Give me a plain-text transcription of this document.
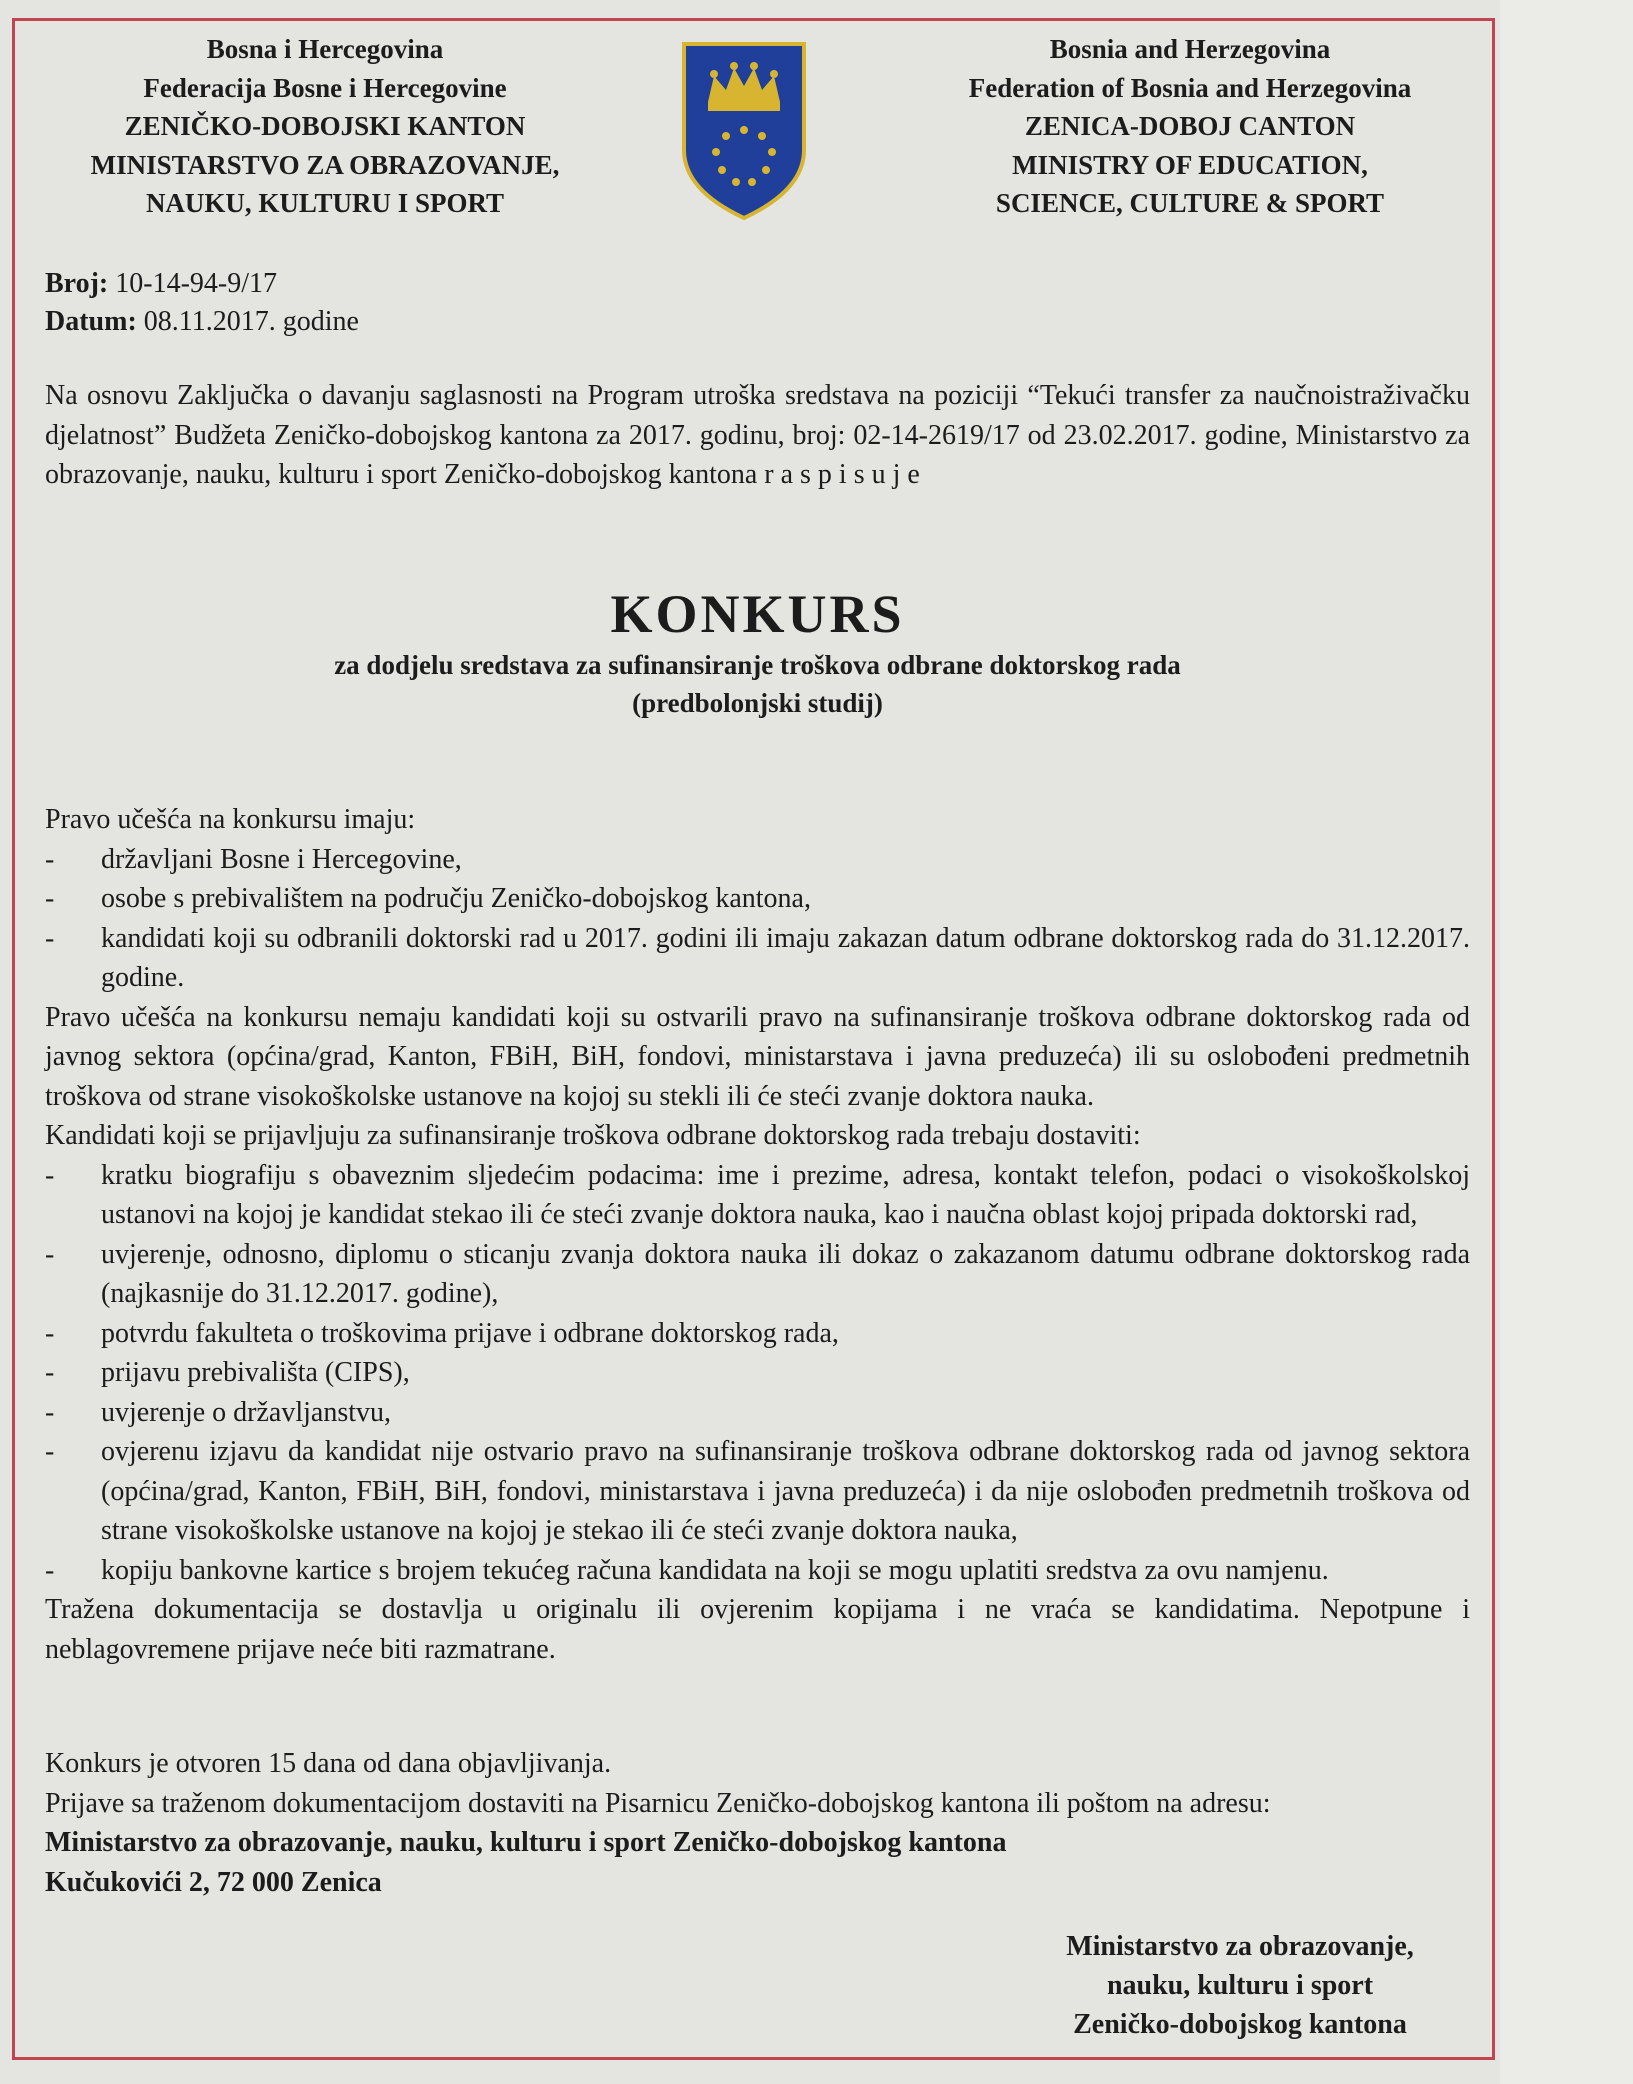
Bosna i Hercegovina
Federacija Bosne i Hercegovine
ZENIČKO-DOBOJSKI KANTON
MINISTARSTVO ZA OBRAZOVANJE,
NAUKU, KULTURU I SPORT
Bosnia and Herzegovina
Federation of Bosnia and Herzegovina
ZENICA-DOBOJ CANTON
MINISTRY OF EDUCATION,
SCIENCE, CULTURE & SPORT
Broj: 10-14-94-9/17
Datum: 08.11.2017. godine
Na osnovu Zaključka o davanju saglasnosti na Program utroška sredstava na poziciji “Tekući transfer za naučnoistraživačku djelatnost” Budžeta Zeničko-dobojskog kantona za 2017. godinu, broj: 02-14-2619/17 od 23.02.2017. godine, Ministarstvo za obrazovanje, nauku, kulturu i sport Zeničko-dobojskog kantona r a s p i s u j e
KONKURS
za dodjelu sredstava za sufinansiranje troškova odbrane doktorskog rada
(predbolonjski studij)

Pravo učešća na konkursu imaju:

- državljani Bosne i Hercegovine,
- osobe s prebivalištem na području Zeničko-dobojskog kantona,
- kandidati koji su odbranili doktorski rad u 2017. godini ili imaju zakazan datum odbrane doktorskog rada do 31.12.2017. godine.

Pravo učešća na konkursu nemaju kandidati koji su ostvarili pravo na sufinansiranje troškova odbrane doktorskog rada od javnog sektora (općina/grad, Kanton, FBiH, BiH, fondovi, ministarstava i javna preduzeća) ili su oslobođeni predmetnih troškova od strane visokoškolske ustanove na kojoj su stekli ili će steći zvanje doktora nauka.

Kandidati koji se prijavljuju za sufinansiranje troškova odbrane doktorskog rada trebaju dostaviti:

- kratku biografiju s obaveznim sljedećim podacima: ime i prezime, adresa, kontakt telefon, podaci o visokoškolskoj ustanovi na kojoj je kandidat stekao ili će steći zvanje doktora nauka, kao i naučna oblast kojoj pripada doktorski rad,
- uvjerenje, odnosno, diplomu o sticanju zvanja doktora nauka ili dokaz o zakazanom datumu odbrane doktorskog rada (najkasnije do 31.12.2017. godine),
- potvrdu fakulteta o troškovima prijave i odbrane doktorskog rada,
- prijavu prebivališta (CIPS),
- uvjerenje o državljanstvu,
- ovjerenu izjavu da kandidat nije ostvario pravo na sufinansiranje troškova odbrane doktorskog rada od javnog sektora (općina/grad, Kanton, FBiH, BiH, fondovi, ministarstava i javna preduzeća) i da nije oslobođen predmetnih troškova od strane visokoškolske ustanove na kojoj je stekao ili će steći zvanje doktora nauka,
- kopiju bankovne kartice s brojem tekućeg računa kandidata na koji se mogu uplatiti sredstva za ovu namjenu.

Tražena dokumentacija se dostavlja u originalu ili ovjerenim kopijama i ne vraća se kandidatima. Nepotpune i neblagovremene prijave neće biti razmatrane.

Konkurs je otvoren 15 dana od dana objavljivanja.

Prijave sa traženom dokumentacijom dostaviti na Pisarnicu Zeničko-dobojskog kantona ili poštom na adresu:

Ministarstvo za obrazovanje, nauku, kulturu i sport Zeničko-dobojskog kantona

Kučukovići 2, 72 000 Zenica

Ministarstvo za obrazovanje,
nauku, kulturu i sport
Zeničko-dobojskog kantona
